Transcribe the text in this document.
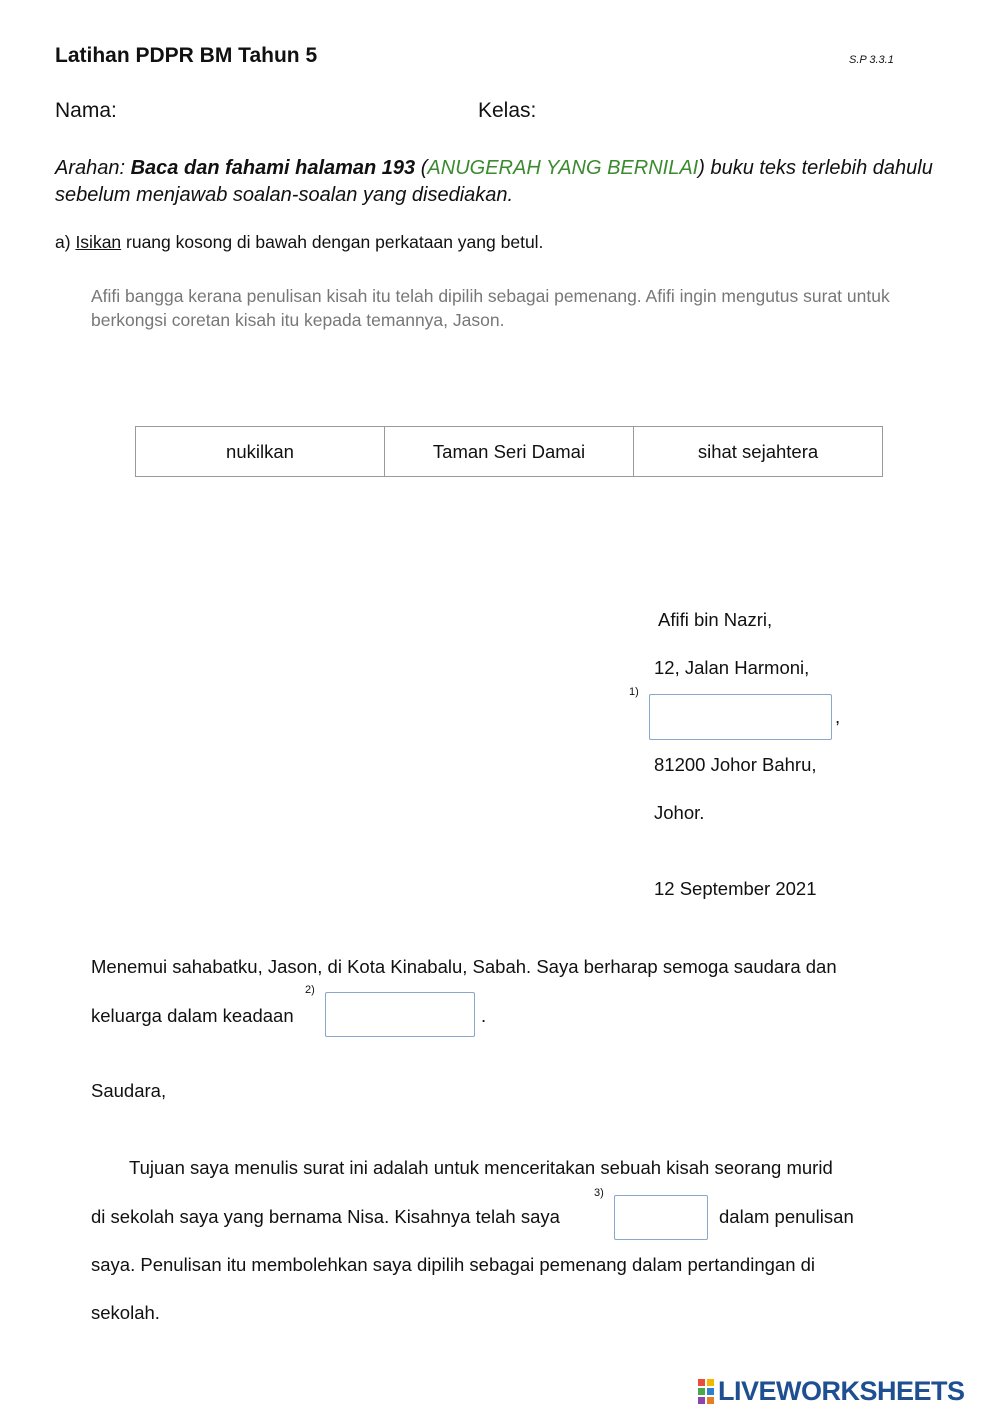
Latihan PDPR BM Tahun 5	S.P 3.3.1
Nama:	Kelas:
Arahan: Baca dan fahami halaman 193 (ANUGERAH YANG BERNILAI) buku teks terlebih dahulu sebelum menjawab soalan-soalan yang disediakan.
a) Isikan ruang kosong di bawah dengan perkataan yang betul.
Afifi bangga kerana penulisan kisah itu telah dipilih sebagai pemenang. Afifi ingin mengutus surat untuk berkongsi coretan kisah itu kepada temannya, Jason.
nukilkan	Taman Seri Damai	sihat sejahtera
Afifi bin Nazri,
12, Jalan Harmoni,
1)
,
81200 Johor Bahru,
Johor.
12 September 2021
Menemui sahabatku, Jason, di Kota Kinabalu, Sabah. Saya berharap semoga saudara dan
keluarga dalam keadaan
2)
.
Saudara,
Tujuan saya menulis surat ini adalah untuk menceritakan sebuah kisah seorang murid
di sekolah saya yang bernama Nisa. Kisahnya telah saya
3)
dalam penulisan
saya. Penulisan itu membolehkan saya dipilih sebagai pemenang dalam pertandingan di
sekolah.
LIVEWORKSHEETS
